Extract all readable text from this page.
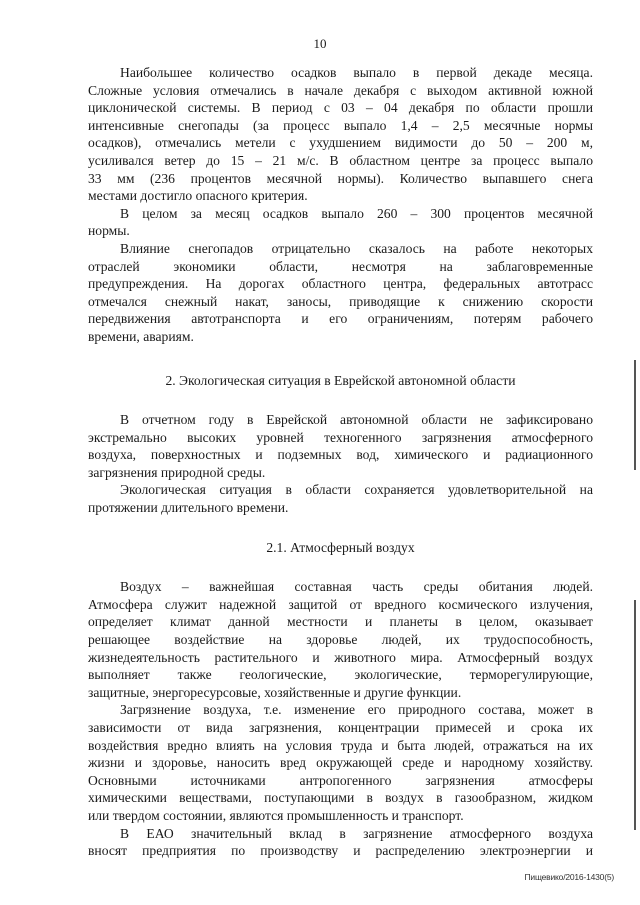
10
Наибольшее количество осадков выпало в первой декаде месяца.
Сложные условия отмечались в начале декабря с выходом активной южной
циклонической системы. В период с 03 – 04 декабря по области прошли
интенсивные снегопады (за процесс выпало 1,4 – 2,5 месячные нормы
осадков), отмечались метели с ухудшением видимости до 50 – 200 м,
усиливался ветер до 15 – 21 м/с. В областном центре за процесс выпало
33 мм (236 процентов месячной нормы). Количество выпавшего снега
местами достигло опасного критерия.
В целом за месяц осадков выпало 260 – 300 процентов месячной
нормы.
Влияние снегопадов отрицательно сказалось на работе некоторых
отраслей экономики области, несмотря на заблаговременные
предупреждения. На дорогах областного центра, федеральных автотрасс
отмечался снежный накат, заносы, приводящие к снижению скорости
передвижения автотранспорта и его ограничениям, потерям рабочего
времени, авариям.
2. Экологическая ситуация в Еврейской автономной области
В отчетном году в Еврейской автономной области не зафиксировано
экстремально высоких уровней техногенного загрязнения атмосферного
воздуха, поверхностных и подземных вод, химического и радиационного
загрязнения природной среды.
Экологическая ситуация в области сохраняется удовлетворительной на
протяжении длительного времени.
2.1. Атмосферный воздух
Воздух – важнейшая составная часть среды обитания людей.
Атмосфера служит надежной защитой от вредного космического излучения,
определяет климат данной местности и планеты в целом, оказывает
решающее воздействие на здоровье людей, их трудоспособность,
жизнедеятельность растительного и животного мира. Атмосферный воздух
выполняет также геологические, экологические, терморегулирующие,
защитные, энергоресурсовые, хозяйственные и другие функции.
Загрязнение воздуха, т.е. изменение его природного состава, может в
зависимости от вида загрязнения, концентрации примесей и срока их
воздействия вредно влиять на условия труда и быта людей, отражаться на их
жизни и здоровье, наносить вред окружающей среде и народному хозяйству.
Основными источниками антропогенного загрязнения атмосферы
химическими веществами, поступающими в воздух в газообразном, жидком
или твердом состоянии, являются промышленность и транспорт.
В ЕАО значительный вклад в загрязнение атмосферного воздуха
вносят предприятия по производству и распределению электроэнергии и
Пищевико/2016-1430(5)
